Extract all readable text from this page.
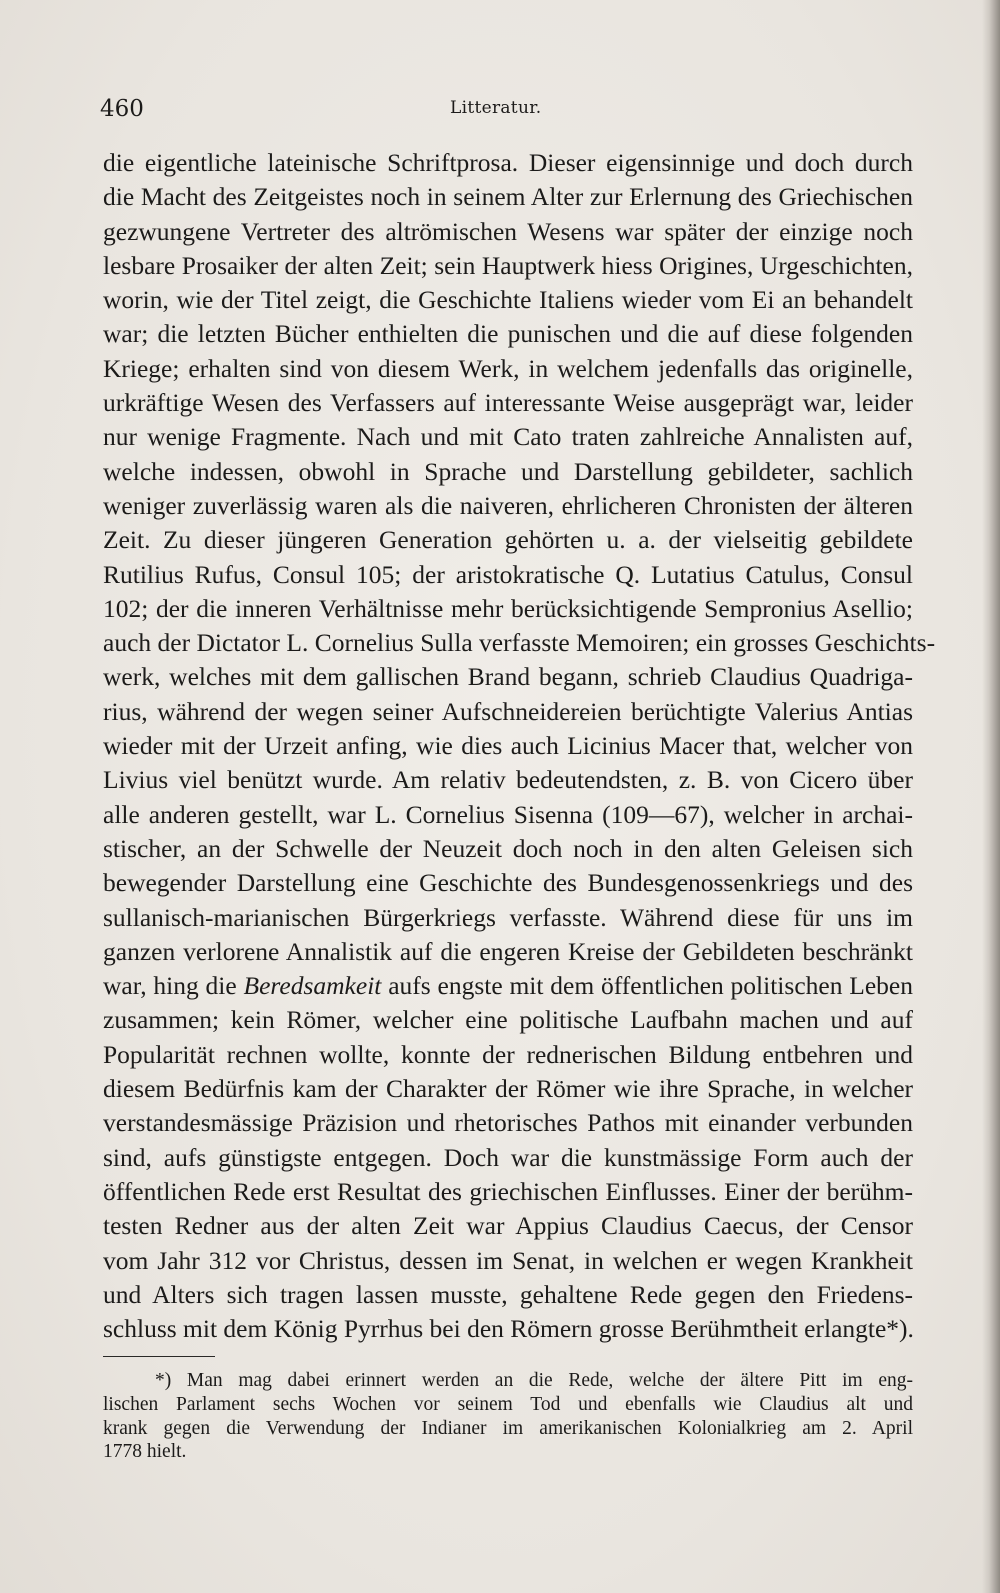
460	Litteratur.
die eigentliche lateinische Schriftprosa. Dieser eigensinnige und doch durch
die Macht des Zeitgeistes noch in seinem Alter zur Erlernung des Griechischen
gezwungene Vertreter des altrömischen Wesens war später der einzige noch
lesbare Prosaiker der alten Zeit; sein Hauptwerk hiess Origines, Urgeschichten,
worin, wie der Titel zeigt, die Geschichte Italiens wieder vom Ei an behandelt
war; die letzten Bücher enthielten die punischen und die auf diese folgenden
Kriege; erhalten sind von diesem Werk, in welchem jedenfalls das originelle,
urkräftige Wesen des Verfassers auf interessante Weise ausgeprägt war, leider
nur wenige Fragmente. Nach und mit Cato traten zahlreiche Annalisten auf,
welche indessen, obwohl in Sprache und Darstellung gebildeter, sachlich
weniger zuverlässig waren als die naiveren, ehrlicheren Chronisten der älteren
Zeit. Zu dieser jüngeren Generation gehörten u. a. der vielseitig gebildete
Rutilius Rufus, Consul 105; der aristokratische Q. Lutatius Catulus, Consul
102; der die inneren Verhältnisse mehr berücksichtigende Sempronius Asellio;
auch der Dictator L. Cornelius Sulla verfasste Memoiren; ein grosses Geschichts-
werk, welches mit dem gallischen Brand begann, schrieb Claudius Quadriga-
rius, während der wegen seiner Aufschneidereien berüchtigte Valerius Antias
wieder mit der Urzeit anfing, wie dies auch Licinius Macer that, welcher von
Livius viel benützt wurde. Am relativ bedeutendsten, z. B. von Cicero über
alle anderen gestellt, war L. Cornelius Sisenna (109—67), welcher in archai-
stischer, an der Schwelle der Neuzeit doch noch in den alten Geleisen sich
bewegender Darstellung eine Geschichte des Bundesgenossenkriegs und des
sullanisch-marianischen Bürgerkriegs verfasste. Während diese für uns im
ganzen verlorene Annalistik auf die engeren Kreise der Gebildeten beschränkt
war, hing die Beredsamkeit aufs engste mit dem öffentlichen politischen Leben
zusammen; kein Römer, welcher eine politische Laufbahn machen und auf
Popularität rechnen wollte, konnte der rednerischen Bildung entbehren und
diesem Bedürfnis kam der Charakter der Römer wie ihre Sprache, in welcher
verstandesmässige Präzision und rhetorisches Pathos mit einander verbunden
sind, aufs günstigste entgegen. Doch war die kunstmässige Form auch der
öffentlichen Rede erst Resultat des griechischen Einflusses. Einer der berühm-
testen Redner aus der alten Zeit war Appius Claudius Caecus, der Censor
vom Jahr 312 vor Christus, dessen im Senat, in welchen er wegen Krankheit
und Alters sich tragen lassen musste, gehaltene Rede gegen den Friedens-
schluss mit dem König Pyrrhus bei den Römern grosse Berühmtheit erlangte*).
*) Man mag dabei erinnert werden an die Rede, welche der ältere Pitt im eng-
lischen Parlament sechs Wochen vor seinem Tod und ebenfalls wie Claudius alt und
krank gegen die Verwendung der Indianer im amerikanischen Kolonialkrieg am 2. April
1778 hielt.
